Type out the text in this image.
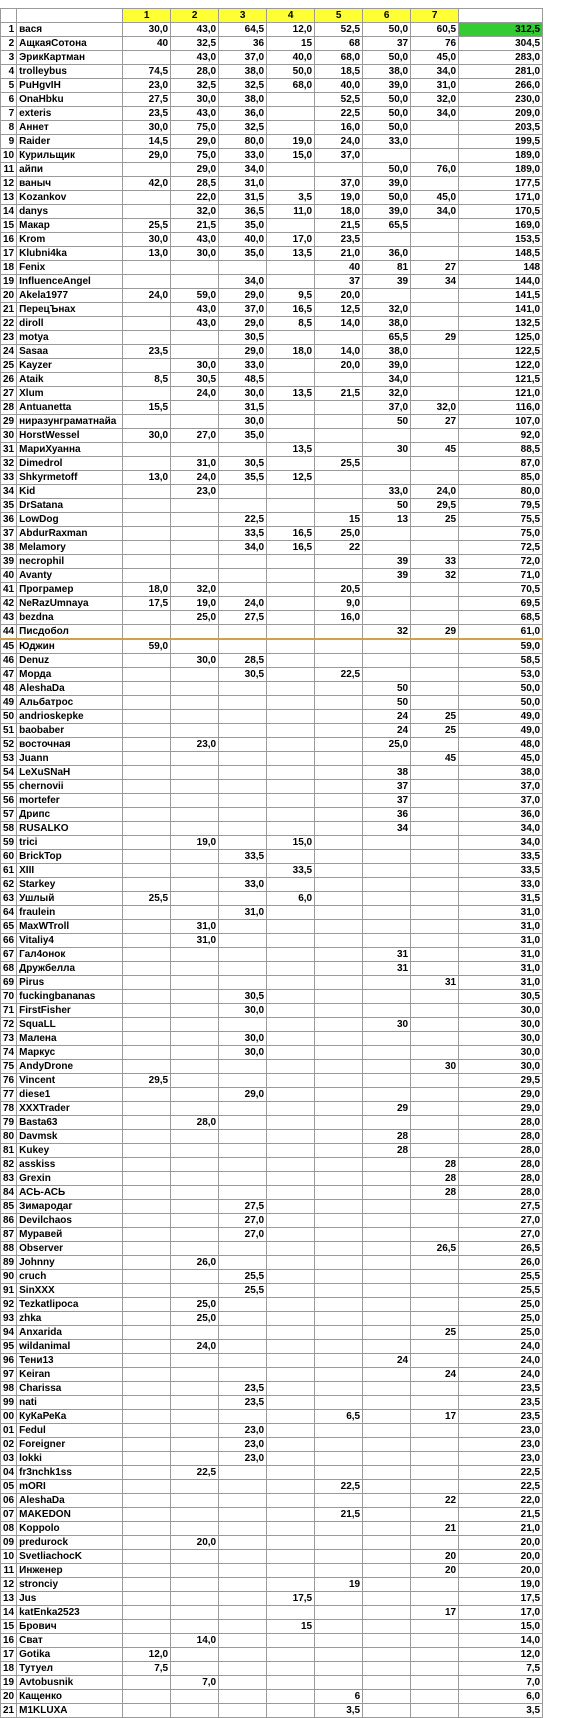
		1	2	3	4	5	6	7	
1	вася	30,0	43,0	64,5	12,0	52,5	50,0	60,5	312,5
2	АщкаяСотона	40	32,5	36	15	68	37	76	304,5
3	ЭрикКартман		43,0	37,0	40,0	68,0	50,0	45,0	283,0
4	trolleybus	74,5	28,0	38,0	50,0	18,5	38,0	34,0	281,0
5	PuHgvIH	23,0	32,5	32,5	68,0	40,0	39,0	31,0	266,0
6	OnaHbku	27,5	30,0	38,0		52,5	50,0	32,0	230,0
7	exteris	23,5	43,0	36,0		22,5	50,0	34,0	209,0
8	Аннет	30,0	75,0	32,5		16,0	50,0		203,5
9	Raider	14,5	29,0	80,0	19,0	24,0	33,0		199,5
10	Курильщик	29,0	75,0	33,0	15,0	37,0			189,0
11	айпи		29,0	34,0			50,0	76,0	189,0
12	ваныч	42,0	28,5	31,0		37,0	39,0		177,5
13	Kozankov		22,0	31,5	3,5	19,0	50,0	45,0	171,0
14	danys		32,0	36,5	11,0	18,0	39,0	34,0	170,5
15	Макар	25,5	21,5	35,0		21,5	65,5		169,0
16	Krom	30,0	43,0	40,0	17,0	23,5			153,5
17	Klubni4ka	13,0	30,0	35,0	13,5	21,0	36,0		148,5
18	Fenix					40	81	27	148
19	InfluenceAngel			34,0		37	39	34	144,0
20	Akela1977	24,0	59,0	29,0	9,5	20,0			141,5
21	ПерецЪнах		43,0	37,0	16,5	12,5	32,0		141,0
22	diroll		43,0	29,0	8,5	14,0	38,0		132,5
23	motya			30,5			65,5	29	125,0
24	Sasaa	23,5		29,0	18,0	14,0	38,0		122,5
25	Kayzer		30,0	33,0		20,0	39,0		122,0
26	Ataik	8,5	30,5	48,5			34,0		121,5
27	Xlum		24,0	30,0	13,5	21,5	32,0		121,0
28	Antuanetta	15,5		31,5			37,0	32,0	116,0
29	ниразунграматнайа			30,0			50	27	107,0
30	HorstWessel	30,0	27,0	35,0					92,0
31	МариХуанна				13,5		30	45	88,5
32	Dimedrol		31,0	30,5		25,5			87,0
33	Shkyrmetoff	13,0	24,0	35,5	12,5				85,0
34	Kid		23,0				33,0	24,0	80,0
35	DrSatana						50	29,5	79,5
36	LowDog			22,5		15	13	25	75,5
37	AbdurRaxman			33,5	16,5	25,0			75,0
38	Melamory			34,0	16,5	22			72,5
39	necrophil						39	33	72,0
40	Avanty						39	32	71,0
41	Програмер	18,0	32,0			20,5			70,5
42	NeRazUmnaya	17,5	19,0	24,0		9,0			69,5
43	bezdna		25,0	27,5		16,0			68,5
44	Писдобол						32	29	61,0
45	Юджин	59,0							59,0
46	Denuz		30,0	28,5					58,5
47	Морда			30,5		22,5			53,0
48	AleshaDa						50		50,0
49	Альбатрос						50		50,0
50	andrioskepke						24	25	49,0
51	baobaber						24	25	49,0
52	восточная		23,0				25,0		48,0
53	Juann							45	45,0
54	LeXuSNaH						38		38,0
55	chernovii						37		37,0
56	mortefer						37		37,0
57	Дрипс						36		36,0
58	RUSALKO						34		34,0
59	trici		19,0		15,0				34,0
60	BrickTop			33,5					33,5
61	XIII				33,5				33,5
62	Starkey			33,0					33,0
63	Ушлый	25,5			6,0				31,5
64	fraulein			31,0					31,0
65	MaxWTroll		31,0						31,0
66	Vitaliy4		31,0						31,0
67	Гал4онок						31		31,0
68	Дружбелла						31		31,0
69	Pirus							31	31,0
70	fuckingbananas			30,5					30,5
71	FirstFisher			30,0					30,0
72	SquaLL						30		30,0
73	Малена			30,0					30,0
74	Маркус			30,0					30,0
75	AndyDrone							30	30,0
76	Vincent	29,5							29,5
77	diese1			29,0					29,0
78	XXXTrader						29		29,0
79	Basta63		28,0						28,0
80	Davmsk						28		28,0
81	Kukey						28		28,0
82	asskiss							28	28,0
83	Grexin							28	28,0
84	АСЬ-АСЬ							28	28,0
85	Зимародаг			27,5					27,5
86	Devilchaos			27,0					27,0
87	Муравей			27,0					27,0
88	Observer							26,5	26,5
89	Johnny		26,0						26,0
90	cruch			25,5					25,5
91	SinXXX			25,5					25,5
92	Tezkatlipoca		25,0						25,0
93	zhka		25,0						25,0
94	Anxarida							25	25,0
95	wildanimal		24,0						24,0
96	Тени13						24		24,0
97	Keiran							24	24,0
98	Charissa			23,5					23,5
99	nati			23,5					23,5
00	КуКаРеКа					6,5		17	23,5
01	Fedul			23,0					23,0
02	Foreigner			23,0					23,0
03	lokki			23,0					23,0
04	fr3nchk1ss		22,5						22,5
05	mORI					22,5			22,5
06	AleshaDa							22	22,0
07	MAKEDON					21,5			21,5
08	Koppolo							21	21,0
09	predurock		20,0						20,0
10	SvetliachocK							20	20,0
11	Инженер							20	20,0
12	stronciy					19			19,0
13	Jus				17,5				17,5
14	katEnka2523							17	17,0
15	Брович				15				15,0
16	Сват		14,0						14,0
17	Gotika	12,0							12,0
18	Тутуел	7,5							7,5
19	Avtobusnik		7,0						7,0
20	Кащенко					6			6,0
21	M1KLUXA					3,5			3,5
